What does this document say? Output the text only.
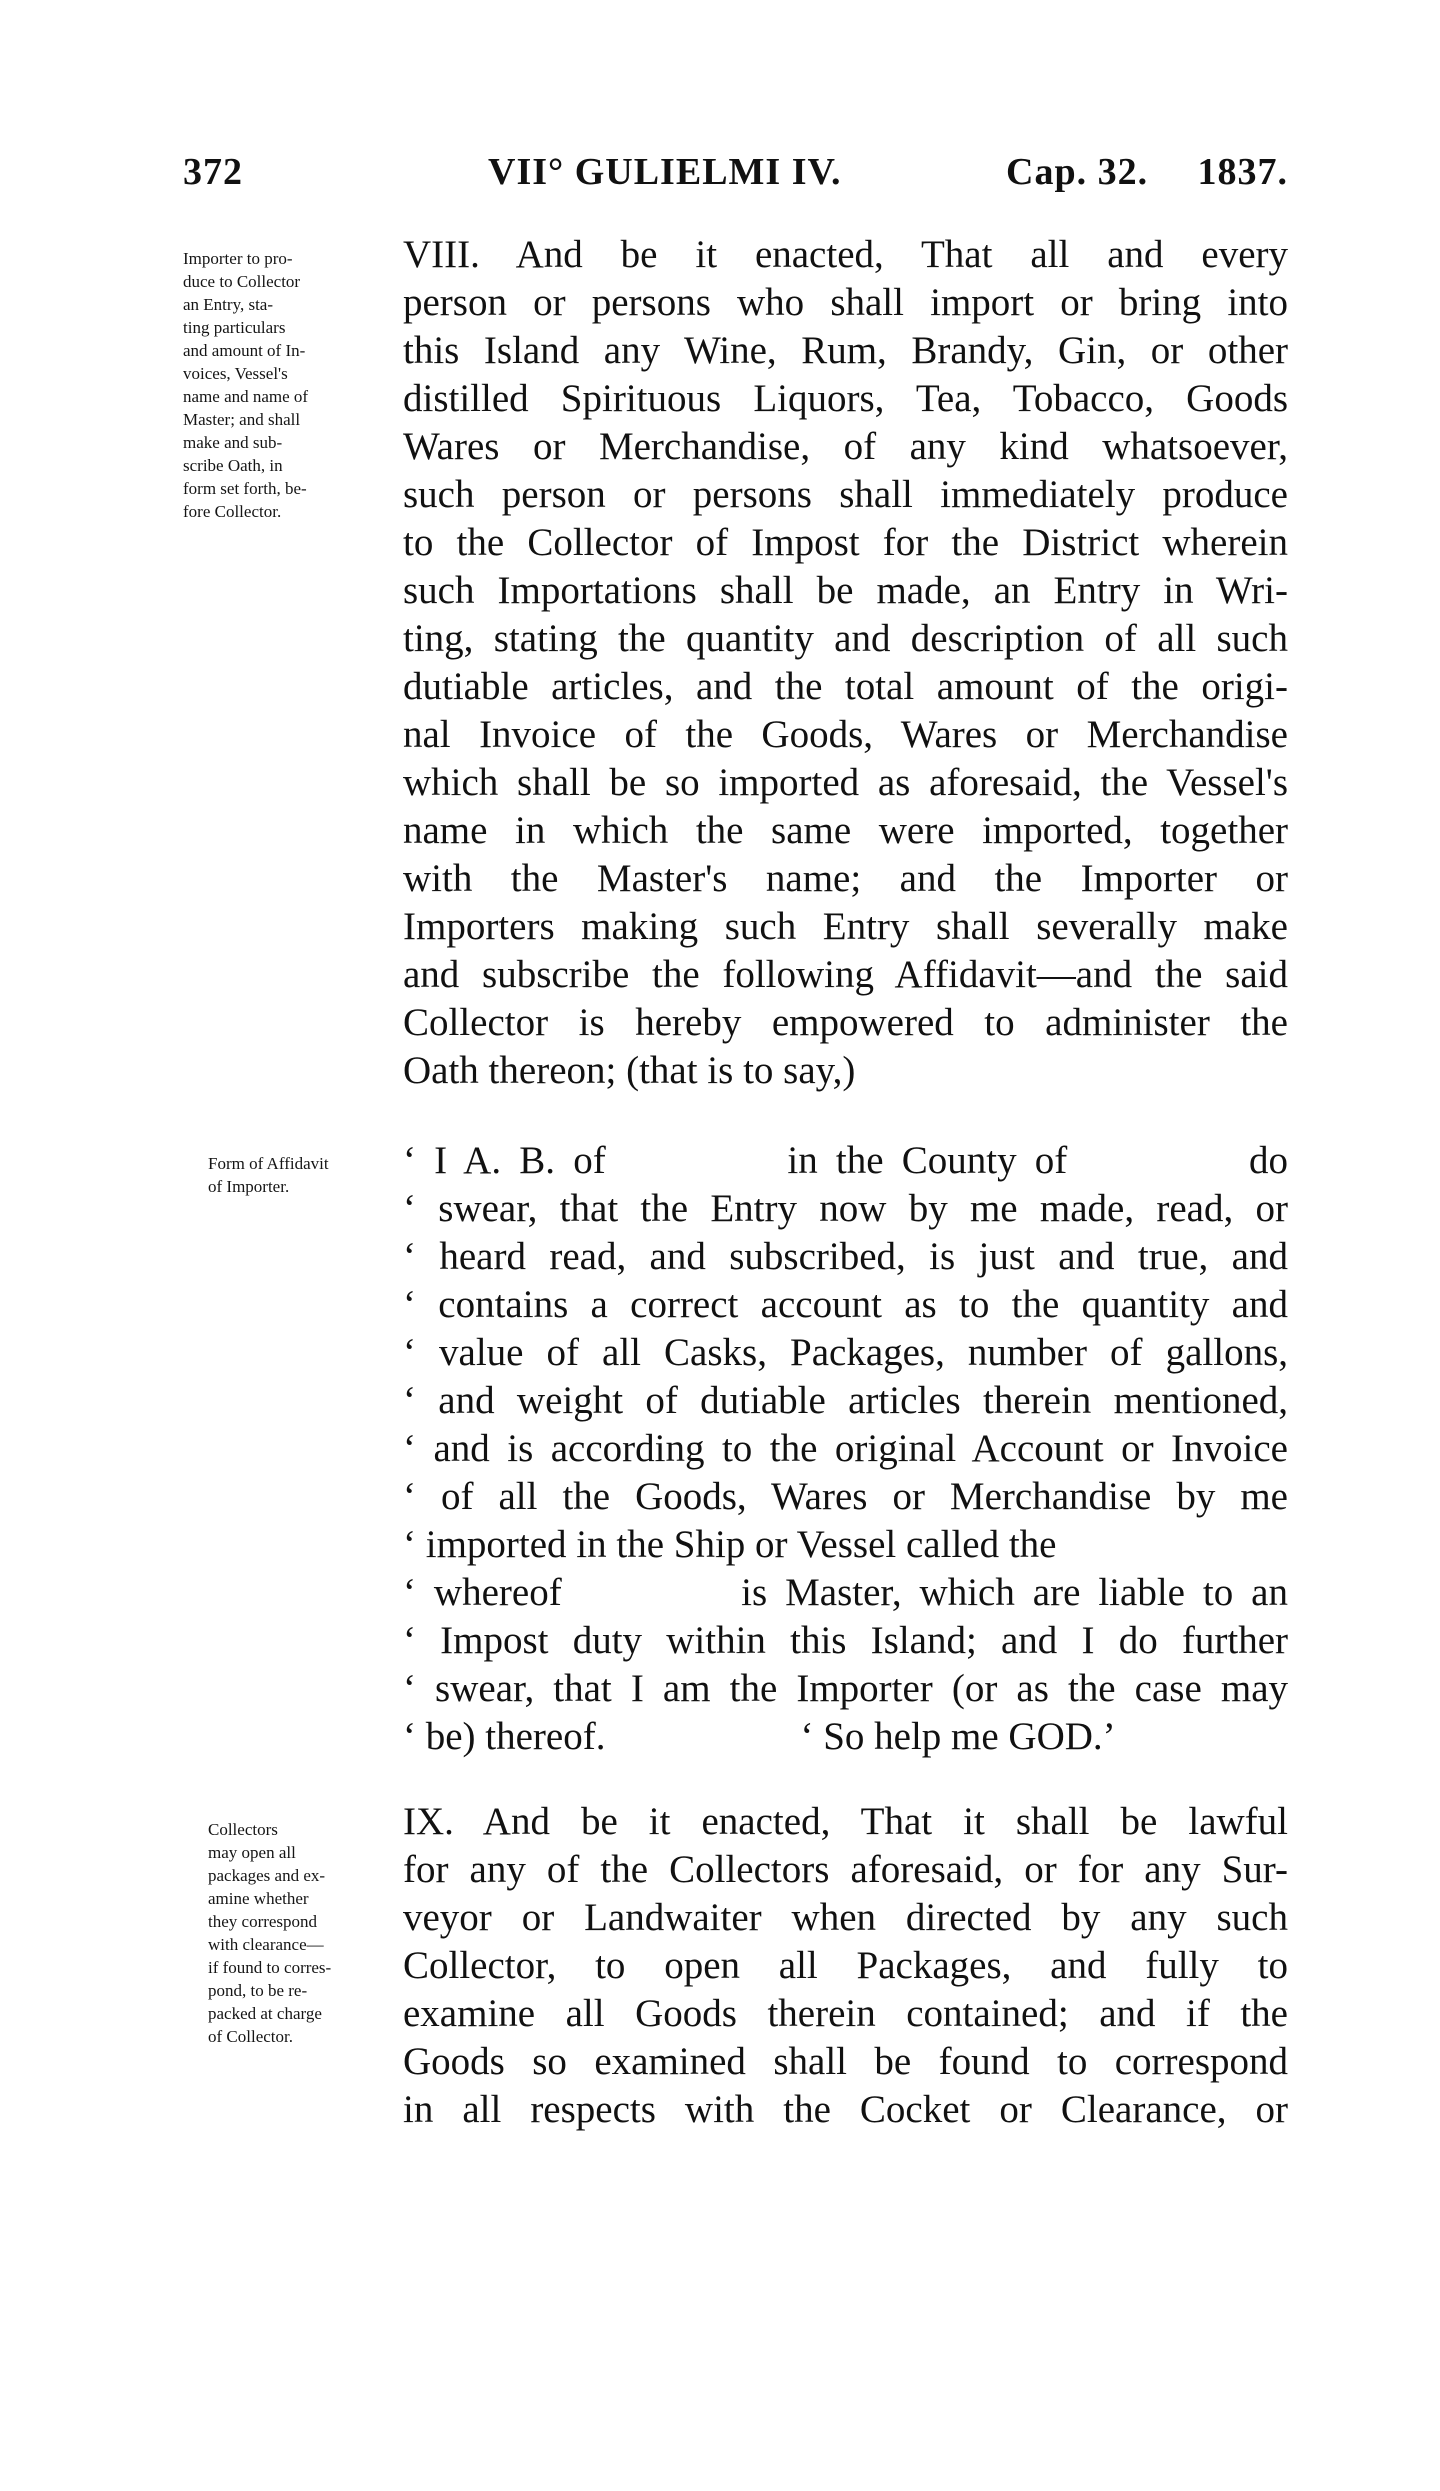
372	VII° GULIELMI IV.	Cap. 32. 1837.
Importer to pro-
duce to Collector
an Entry, sta-
ting particulars
and amount of In-
voices, Vessel's
name and name of
Master; and shall
make and sub-
scribe Oath, in
form set forth, be-
fore Collector.
VIII. And be it enacted, That all and every
person or persons who shall import or bring into
this Island any Wine, Rum, Brandy, Gin, or other
distilled Spirituous Liquors, Tea, Tobacco, Goods
Wares or Merchandise, of any kind whatsoever,
such person or persons shall immediately produce
to the Collector of Impost for the District wherein
such Importations shall be made, an Entry in Wri-
ting, stating the quantity and description of all such
dutiable articles, and the total amount of the origi-
nal Invoice of the Goods, Wares or Merchandise
which shall be so imported as aforesaid, the Vessel's
name in which the same were imported, together
with the Master's name; and the Importer or
Importers making such Entry shall severally make
and subscribe the following Affidavit—and the said
Collector is hereby empowered to administer the
Oath thereon; (that is to say,)
Form of Affidavit
of Importer.
‘ I A. B. of          in the County of          do
‘ swear, that the Entry now by me made, read, or
‘ heard read, and subscribed, is just and true, and
‘ contains a correct account as to the quantity and
‘ value of all Casks, Packages, number of gallons,
‘ and weight of dutiable articles therein mentioned,
‘ and is according to the original Account or Invoice
‘ of all the Goods, Wares or Merchandise by me
‘ imported in the Ship or Vessel called the
‘ whereof          is Master, which are liable to an
‘ Impost duty within this Island; and I do further
‘ swear, that I am the Importer (or as the case may
‘ be) thereof.                    ‘ So help me GOD.’
Collectors
may open all
packages and ex-
amine whether
they correspond
with clearance—
if found to corres-
pond, to be re-
packed at charge
of Collector.
IX. And be it enacted, That it shall be lawful
for any of the Collectors aforesaid, or for any Sur-
veyor or Landwaiter when directed by any such
Collector, to open all Packages, and fully to
examine all Goods therein contained; and if the
Goods so examined shall be found to correspond
in all respects with the Cocket or Clearance, or
